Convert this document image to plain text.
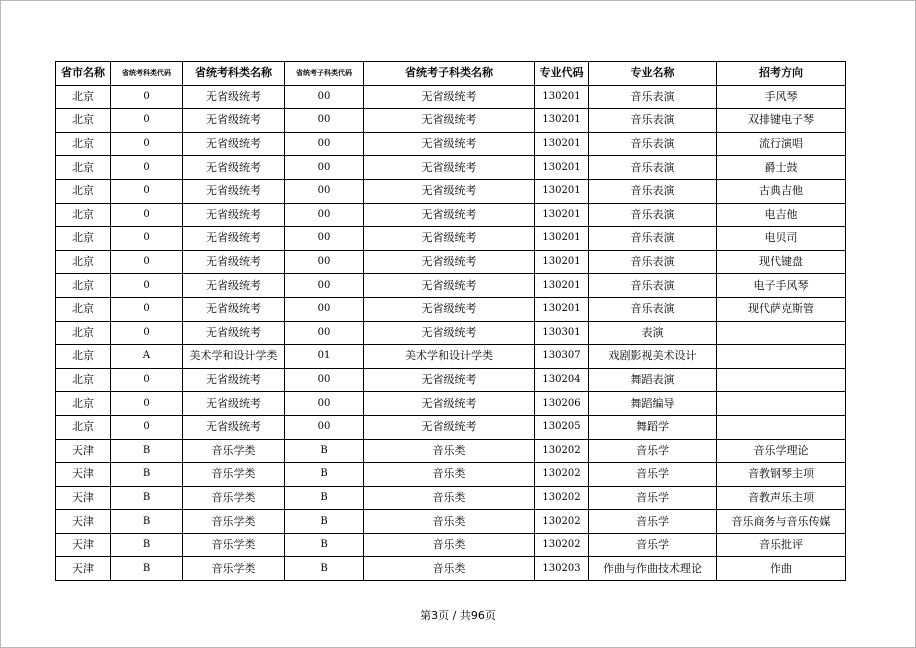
省市名称	省统考科类代码	省统考科类名称	省统考子科类代码	省统考子科类名称	专业代码	专业名称	招考方向
北京	0	无省级统考	00	无省级统考	130201	音乐表演	手风琴
北京	0	无省级统考	00	无省级统考	130201	音乐表演	双排键电子琴
北京	0	无省级统考	00	无省级统考	130201	音乐表演	流行演唱
北京	0	无省级统考	00	无省级统考	130201	音乐表演	爵士鼓
北京	0	无省级统考	00	无省级统考	130201	音乐表演	古典吉他
北京	0	无省级统考	00	无省级统考	130201	音乐表演	电吉他
北京	0	无省级统考	00	无省级统考	130201	音乐表演	电贝司
北京	0	无省级统考	00	无省级统考	130201	音乐表演	现代键盘
北京	0	无省级统考	00	无省级统考	130201	音乐表演	电子手风琴
北京	0	无省级统考	00	无省级统考	130201	音乐表演	现代萨克斯管
北京	0	无省级统考	00	无省级统考	130301	表演	
北京	A	美术学和设计学类	01	美术学和设计学类	130307	戏剧影视美术设计	
北京	0	无省级统考	00	无省级统考	130204	舞蹈表演	
北京	0	无省级统考	00	无省级统考	130206	舞蹈编导	
北京	0	无省级统考	00	无省级统考	130205	舞蹈学	
天津	B	音乐学类	B	音乐类	130202	音乐学	音乐学理论
天津	B	音乐学类	B	音乐类	130202	音乐学	音教钢琴主项
天津	B	音乐学类	B	音乐类	130202	音乐学	音教声乐主项
天津	B	音乐学类	B	音乐类	130202	音乐学	音乐商务与音乐传媒
天津	B	音乐学类	B	音乐类	130202	音乐学	音乐批评
天津	B	音乐学类	B	音乐类	130203	作曲与作曲技术理论	作曲
第3页 / 共96页
